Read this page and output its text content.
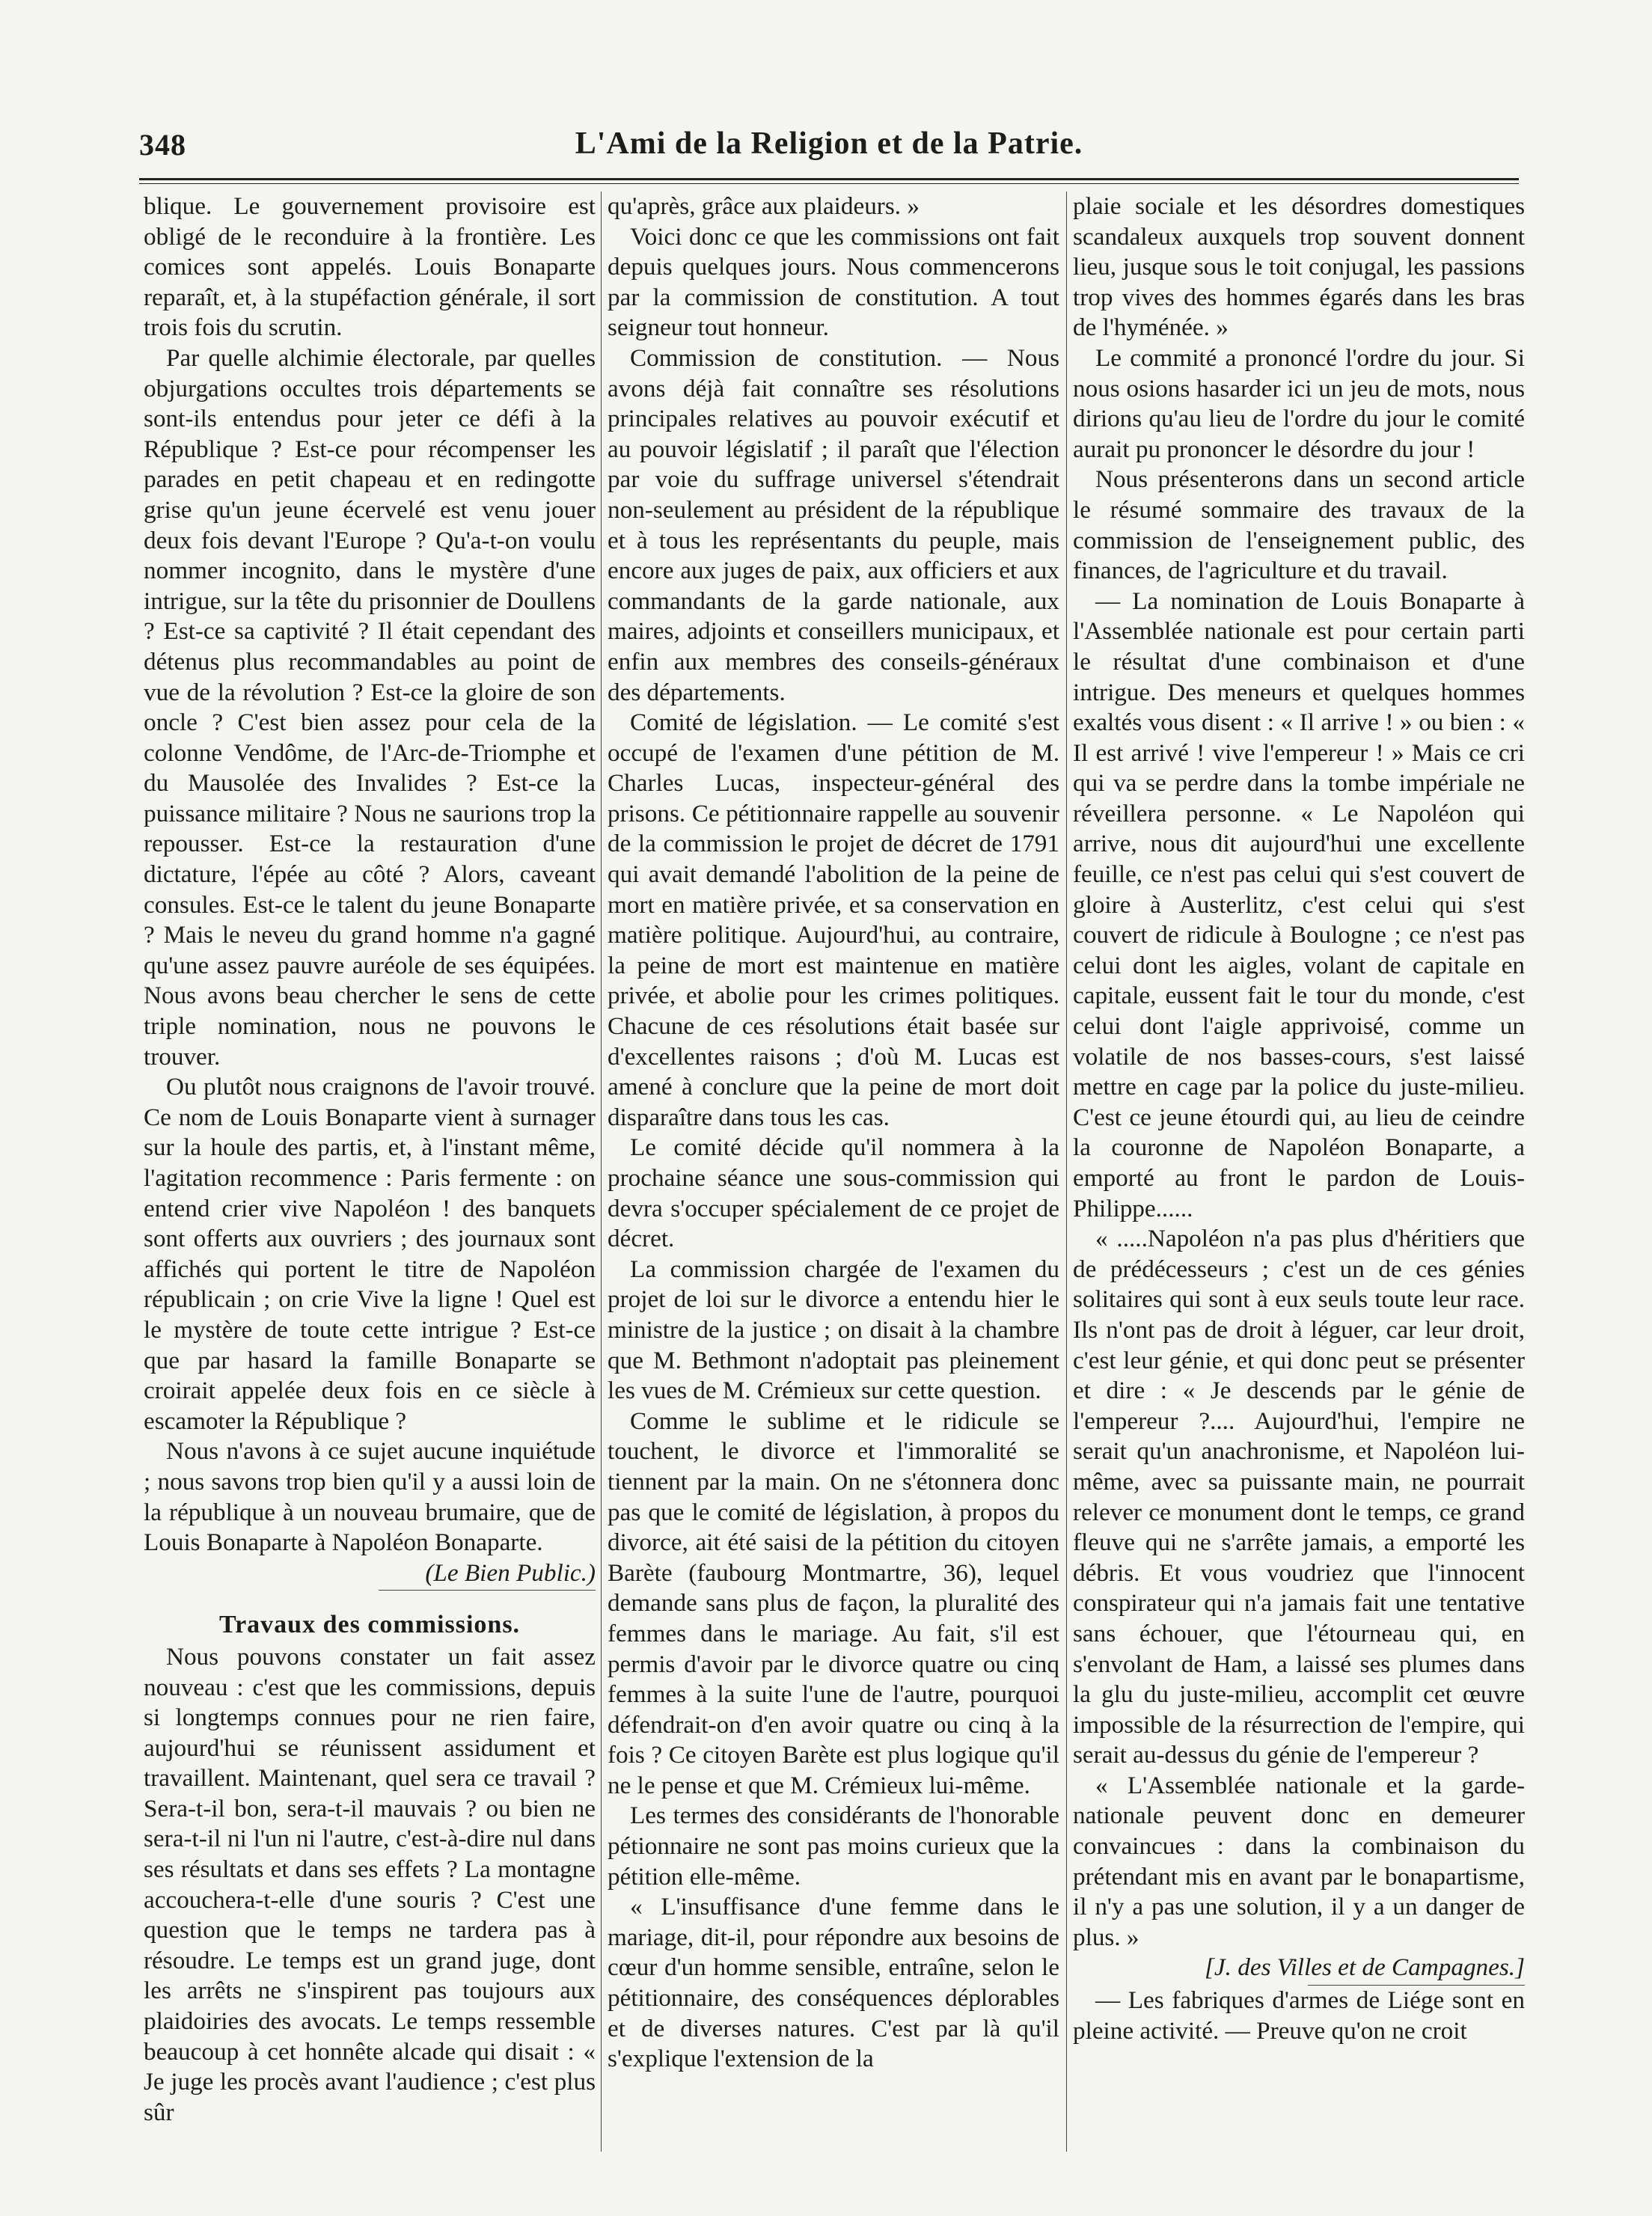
348	L'Ami de la Religion et de la Patrie.

blique. Le gouvernement provisoire est obligé de le reconduire à la frontière. Les comices sont appelés. Louis Bonaparte reparaît, et, à la stupéfaction générale, il sort trois fois du scrutin.

Par quelle alchimie électorale, par quelles objurgations occultes trois départements se sont-ils entendus pour jeter ce défi à la République ? Est-ce pour récompenser les parades en petit chapeau et en redingotte grise qu'un jeune écervelé est venu jouer deux fois devant l'Europe ? Qu'a-t-on voulu nommer incognito, dans le mystère d'une intrigue, sur la tête du prisonnier de Doullens ? Est-ce sa captivité ? Il était cependant des détenus plus recommandables au point de vue de la révolution ? Est-ce la gloire de son oncle ? C'est bien assez pour cela de la colonne Vendôme, de l'Arc-de-Triomphe et du Mausolée des Invalides ? Est-ce la puissance militaire ? Nous ne saurions trop la repousser. Est-ce la restauration d'une dictature, l'épée au côté ? Alors, caveant consules. Est-ce le talent du jeune Bonaparte ? Mais le neveu du grand homme n'a gagné qu'une assez pauvre auréole de ses équipées. Nous avons beau chercher le sens de cette triple nomination, nous ne pouvons le trouver.

Ou plutôt nous craignons de l'avoir trouvé. Ce nom de Louis Bonaparte vient à surnager sur la houle des partis, et, à l'instant même, l'agitation recommence : Paris fermente : on entend crier vive Napoléon ! des banquets sont offerts aux ouvriers ; des journaux sont affichés qui portent le titre de Napoléon républicain ; on crie Vive la ligne ! Quel est le mystère de toute cette intrigue ? Est-ce que par hasard la famille Bonaparte se croirait appelée deux fois en ce siècle à escamoter la République ?

Nous n'avons à ce sujet aucune inquiétude ; nous savons trop bien qu'il y a aussi loin de la république à un nouveau brumaire, que de Louis Bonaparte à Napoléon Bonaparte.

(Le Bien Public.)

Travaux des commissions.

Nous pouvons constater un fait assez nouveau : c'est que les commissions, depuis si longtemps connues pour ne rien faire, aujourd'hui se réunissent assidument et travaillent. Maintenant, quel sera ce travail ? Sera-t-il bon, sera-t-il mauvais ? ou bien ne sera-t-il ni l'un ni l'autre, c'est-à-dire nul dans ses résultats et dans ses effets ? La montagne accouchera-t-elle d'une souris ? C'est une question que le temps ne tardera pas à résoudre. Le temps est un grand juge, dont les arrêts ne s'inspirent pas toujours aux plaidoiries des avocats. Le temps ressemble beaucoup à cet honnête alcade qui disait : « Je juge les procès avant l'audience ; c'est plus sûr

qu'après, grâce aux plaideurs. »

Voici donc ce que les commissions ont fait depuis quelques jours. Nous commencerons par la commission de constitution. A tout seigneur tout honneur.

Commission de constitution. — Nous avons déjà fait connaître ses résolutions principales relatives au pouvoir exécutif et au pouvoir législatif ; il paraît que l'élection par voie du suffrage universel s'étendrait non-seulement au président de la république et à tous les représentants du peuple, mais encore aux juges de paix, aux officiers et aux commandants de la garde nationale, aux maires, adjoints et conseillers municipaux, et enfin aux membres des conseils-généraux des départements.

Comité de législation. — Le comité s'est occupé de l'examen d'une pétition de M. Charles Lucas, inspecteur-général des prisons. Ce pétitionnaire rappelle au souvenir de la commission le projet de décret de 1791 qui avait demandé l'abolition de la peine de mort en matière privée, et sa conservation en matière politique. Aujourd'hui, au contraire, la peine de mort est maintenue en matière privée, et abolie pour les crimes politiques. Chacune de ces résolutions était basée sur d'excellentes raisons ; d'où M. Lucas est amené à conclure que la peine de mort doit disparaître dans tous les cas.

Le comité décide qu'il nommera à la prochaine séance une sous-commission qui devra s'occuper spécialement de ce projet de décret.

La commission chargée de l'examen du projet de loi sur le divorce a entendu hier le ministre de la justice ; on disait à la chambre que M. Bethmont n'adoptait pas pleinement les vues de M. Crémieux sur cette question.

Comme le sublime et le ridicule se touchent, le divorce et l'immoralité se tiennent par la main. On ne s'étonnera donc pas que le comité de législation, à propos du divorce, ait été saisi de la pétition du citoyen Barète (faubourg Montmartre, 36), lequel demande sans plus de façon, la pluralité des femmes dans le mariage. Au fait, s'il est permis d'avoir par le divorce quatre ou cinq femmes à la suite l'une de l'autre, pourquoi défendrait-on d'en avoir quatre ou cinq à la fois ? Ce citoyen Barète est plus logique qu'il ne le pense et que M. Crémieux lui-même.

Les termes des considérants de l'honorable pétionnaire ne sont pas moins curieux que la pétition elle-même.

« L'insuffisance d'une femme dans le mariage, dit-il, pour répondre aux besoins de cœur d'un homme sensible, entraîne, selon le pétitionnaire, des conséquences déplorables et de diverses natures. C'est par là qu'il s'explique l'extension de la

plaie sociale et les désordres domestiques scandaleux auxquels trop souvent donnent lieu, jusque sous le toit conjugal, les passions trop vives des hommes égarés dans les bras de l'hyménée. »

Le commité a prononcé l'ordre du jour. Si nous osions hasarder ici un jeu de mots, nous dirions qu'au lieu de l'ordre du jour le comité aurait pu prononcer le désordre du jour !

Nous présenterons dans un second article le résumé sommaire des travaux de la commission de l'enseignement public, des finances, de l'agriculture et du travail.

— La nomination de Louis Bonaparte à l'Assemblée nationale est pour certain parti le résultat d'une combinaison et d'une intrigue. Des meneurs et quelques hommes exaltés vous disent : « Il arrive ! » ou bien : « Il est arrivé ! vive l'empereur ! » Mais ce cri qui va se perdre dans la tombe impériale ne réveillera personne. « Le Napoléon qui arrive, nous dit aujourd'hui une excellente feuille, ce n'est pas celui qui s'est couvert de gloire à Austerlitz, c'est celui qui s'est couvert de ridicule à Boulogne ; ce n'est pas celui dont les aigles, volant de capitale en capitale, eussent fait le tour du monde, c'est celui dont l'aigle apprivoisé, comme un volatile de nos basses-cours, s'est laissé mettre en cage par la police du juste-milieu. C'est ce jeune étourdi qui, au lieu de ceindre la couronne de Napoléon Bonaparte, a emporté au front le pardon de Louis-Philippe......

« .....Napoléon n'a pas plus d'héritiers que de prédécesseurs ; c'est un de ces génies solitaires qui sont à eux seuls toute leur race. Ils n'ont pas de droit à léguer, car leur droit, c'est leur génie, et qui donc peut se présenter et dire : « Je descends par le génie de l'empereur ?.... Aujourd'hui, l'empire ne serait qu'un anachronisme, et Napoléon lui-même, avec sa puissante main, ne pourrait relever ce monument dont le temps, ce grand fleuve qui ne s'arrête jamais, a emporté les débris. Et vous voudriez que l'innocent conspirateur qui n'a jamais fait une tentative sans échouer, que l'étourneau qui, en s'envolant de Ham, a laissé ses plumes dans la glu du juste-milieu, accomplit cet œuvre impossible de la résurrection de l'empire, qui serait au-dessus du génie de l'empereur ?

« L'Assemblée nationale et la garde-nationale peuvent donc en demeurer convaincues : dans la combinaison du prétendant mis en avant par le bonapartisme, il n'y a pas une solution, il y a un danger de plus. »

[J. des Villes et de Campagnes.]

— Les fabriques d'armes de Liége sont en pleine activité. — Preuve qu'on ne croit
